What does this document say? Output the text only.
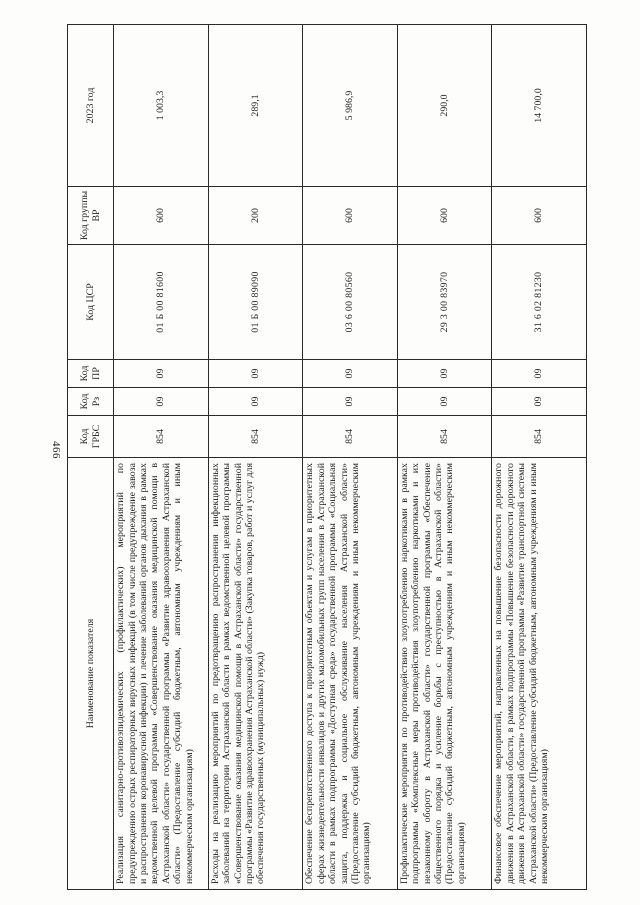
466
Наименование показателя	Код ГРБС	Код Рз	Код ПР	Код ЦСР	Код группы ВР	2023 год

Реализация санитарно-противоэпидемических (профилактических) мероприятий по предупреждению острых респираторных вирусных инфекций (в том числе предупреждение завоза и распространения коронавирусной инфекции) и лечение заболеваний органов дыхания в рамках ведомственной целевой программы «Совершенствование оказания медицинской помощи в Астраханской области» государственной программы «Развитие здравоохранения Астраханской области» (Предоставление субсидий бюджетным, автономным учреждениям и иным некоммерческим организациям)	854	09	09	01 Б 00 81600	600	1 003,3

Расходы на реализацию мероприятий по предотвращению распространения инфекционных заболеваний на территории Астраханской области в рамках ведомственной целевой программы «Совершенствование оказания медицинской помощи в Астраханской области» государственной программы «Развитие здравоохранения Астраханской области» (Закупка товаров, работ и услуг для обеспечения государственных (муниципальных) нужд)	854	09	09	01 Б 00 89090	200	289,1

Обеспечение беспрепятственного доступа к приоритетным объектам и услугам в приоритетных сферах жизнедеятельности инвалидов и других маломобильных групп населения в Астраханской области в рамках подпрограммы «Доступная среда» государственной программы «Социальная защита, поддержка и социальное обслуживание населения Астраханской области» (Предоставление субсидий бюджетным, автономным учреждениям и иным некоммерческим организациям)	854	09	09	03 6 00 80560	600	5 986,9

Профилактические мероприятия по противодействию злоупотреблению наркотиками в рамках подпрограммы «Комплексные меры противодействия злоупотреблению наркотиками и их незаконному обороту в Астраханской области» государственной программы «Обеспечение общественного порядка и усиление борьбы с преступностью в Астраханской области» (Предоставление субсидий бюджетным, автономным учреждениям и иным некоммерческим организациям)	854	09	09	29 3 00 83970	600	290,0

Финансовое обеспечение мероприятий, направленных на повышение безопасности дорожного движения в Астраханской области, в рамках подпрограммы «Повышение безопасности дорожного движения в Астраханской области» государственной программы «Развитие транспортной системы Астраханской области» (Предоставление субсидий бюджетным, автономным учреждениям и иным некоммерческим организациям)	854	09	09	31 6 02 81230	600	14 700,0
